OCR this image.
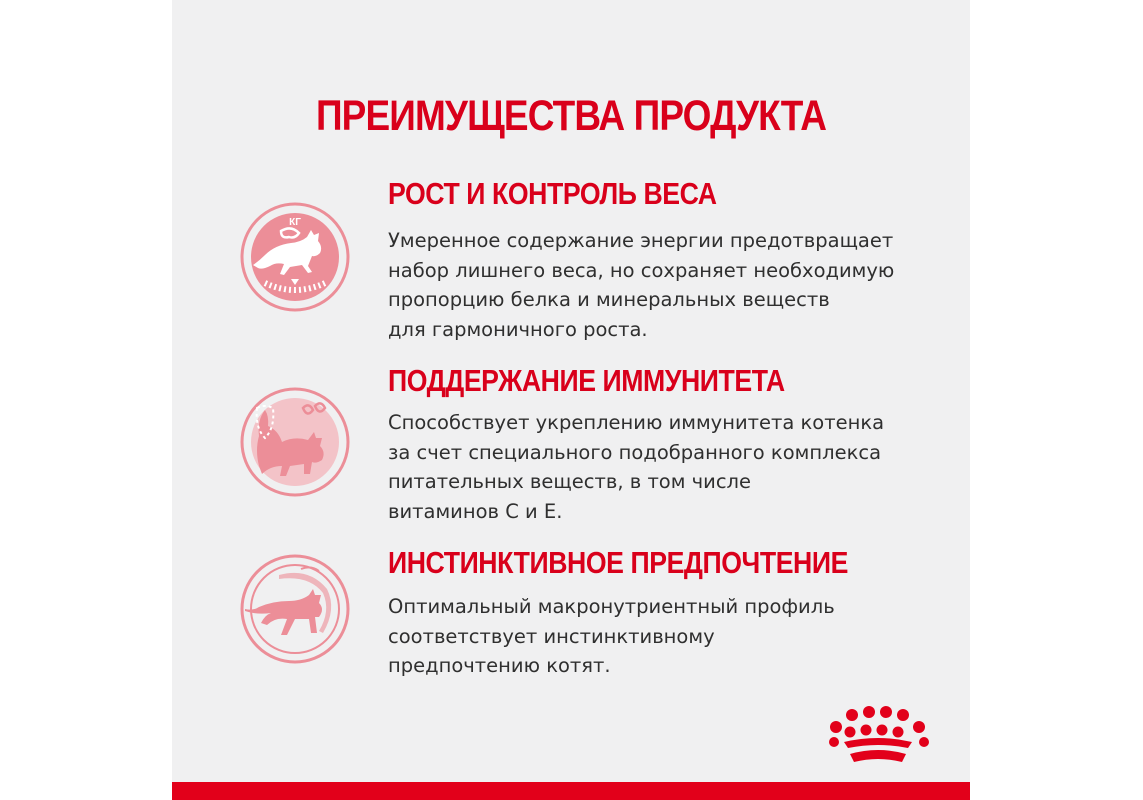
ПРЕИМУЩЕСТВА ПРОДУКТА
КГ
РОСТ И КОНТРОЛЬ ВЕСА
Умеренное содержание энергии предотвращает
набор лишнего веса, но сохраняет необходимую
пропорцию белка и минеральных веществ
для гармоничного роста.
ПОДДЕРЖАНИЕ ИММУНИТЕТА
Способствует укреплению иммунитета котенка
за счет специального подобранного комплекса
питательных веществ, в том числе
витаминов C и E.
ИНСТИНКТИВНОЕ ПРЕДПОЧТЕНИЕ
Оптимальный макронутриентный профиль
соответствует инстинктивному
предпочтению котят.
